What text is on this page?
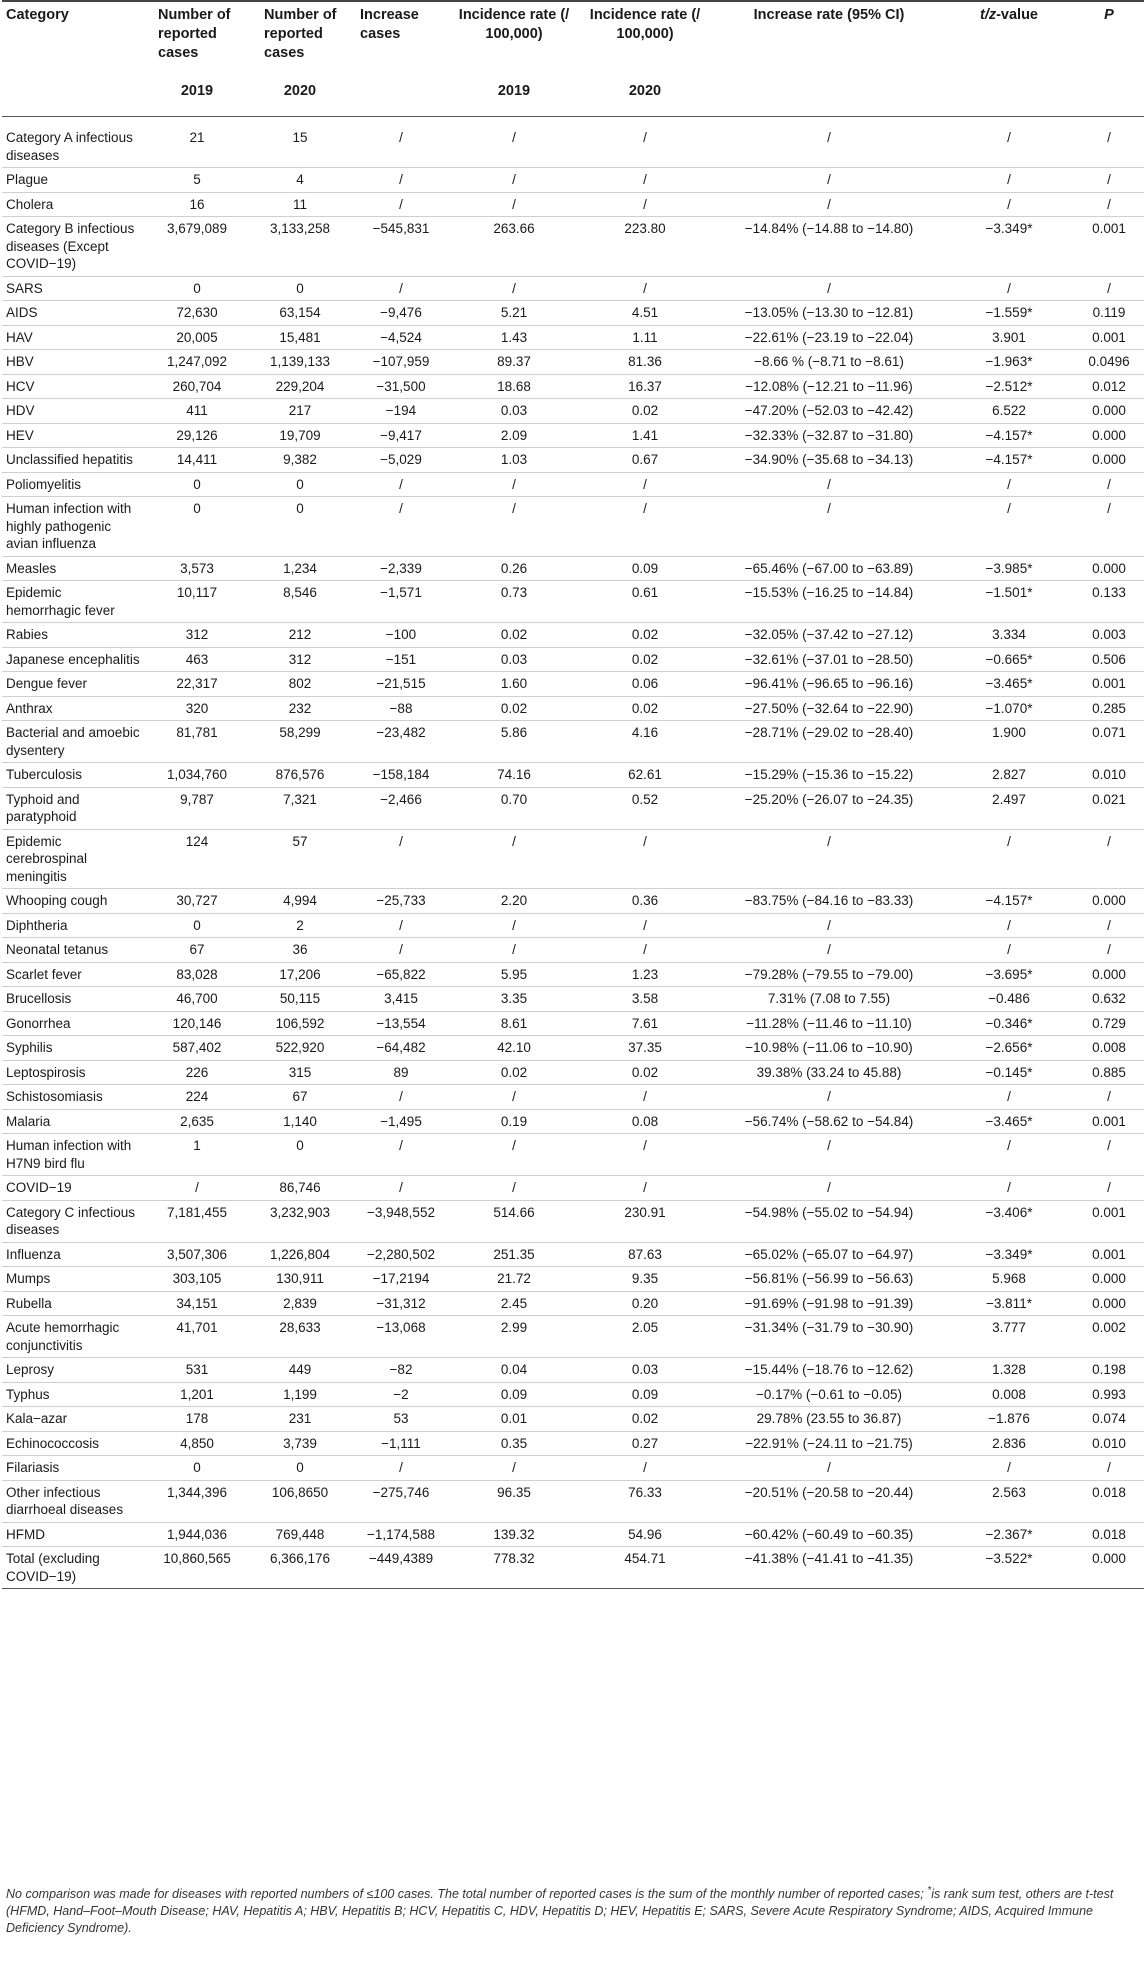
Category	Number of reported cases	Number of reported cases	Increase cases	Incidence rate (/ 100,000)	Incidence rate (/ 100,000)	Increase rate (95% CI)	t/z-value	P
	2019	2020		2019	2020			
Category A infectious diseases	21	15	/	/	/	/	/	/
Plague	5	4	/	/	/	/	/	/
Cholera	16	11	/	/	/	/	/	/
Category B infectious diseases (Except COVID−19)	3,679,089	3,133,258	−545,831	263.66	223.80	−14.84% (−14.88 to −14.80)	−3.349*	0.001
SARS	0	0	/	/	/	/	/	/
AIDS	72,630	63,154	−9,476	5.21	4.51	−13.05% (−13.30 to −12.81)	−1.559*	0.119
HAV	20,005	15,481	−4,524	1.43	1.11	−22.61% (−23.19 to −22.04)	3.901	0.001
HBV	1,247,092	1,139,133	−107,959	89.37	81.36	−8.66 % (−8.71 to −8.61)	−1.963*	0.0496
HCV	260,704	229,204	−31,500	18.68	16.37	−12.08% (−12.21 to −11.96)	−2.512*	0.012
HDV	411	217	−194	0.03	0.02	−47.20% (−52.03 to −42.42)	6.522	0.000
HEV	29,126	19,709	−9,417	2.09	1.41	−32.33% (−32.87 to −31.80)	−4.157*	0.000
Unclassified hepatitis	14,411	9,382	−5,029	1.03	0.67	−34.90% (−35.68 to −34.13)	−4.157*	0.000
Poliomyelitis	0	0	/	/	/	/	/	/
Human infection with highly pathogenic avian influenza	0	0	/	/	/	/	/	/
Measles	3,573	1,234	−2,339	0.26	0.09	−65.46% (−67.00 to −63.89)	−3.985*	0.000
Epidemic hemorrhagic fever	10,117	8,546	−1,571	0.73	0.61	−15.53% (−16.25 to −14.84)	−1.501*	0.133
Rabies	312	212	−100	0.02	0.02	−32.05% (−37.42 to −27.12)	3.334	0.003
Japanese encephalitis	463	312	−151	0.03	0.02	−32.61% (−37.01 to −28.50)	−0.665*	0.506
Dengue fever	22,317	802	−21,515	1.60	0.06	−96.41% (−96.65 to −96.16)	−3.465*	0.001
Anthrax	320	232	−88	0.02	0.02	−27.50% (−32.64 to −22.90)	−1.070*	0.285
Bacterial and amoebic dysentery	81,781	58,299	−23,482	5.86	4.16	−28.71% (−29.02 to −28.40)	1.900	0.071
Tuberculosis	1,034,760	876,576	−158,184	74.16	62.61	−15.29% (−15.36 to −15.22)	2.827	0.010
Typhoid and paratyphoid	9,787	7,321	−2,466	0.70	0.52	−25.20% (−26.07 to −24.35)	2.497	0.021
Epidemic cerebrospinal meningitis	124	57	/	/	/	/	/	/
Whooping cough	30,727	4,994	−25,733	2.20	0.36	−83.75% (−84.16 to −83.33)	−4.157*	0.000
Diphtheria	0	2	/	/	/	/	/	/
Neonatal tetanus	67	36	/	/	/	/	/	/
Scarlet fever	83,028	17,206	−65,822	5.95	1.23	−79.28% (−79.55 to −79.00)	−3.695*	0.000
Brucellosis	46,700	50,115	3,415	3.35	3.58	7.31% (7.08 to 7.55)	−0.486	0.632
Gonorrhea	120,146	106,592	−13,554	8.61	7.61	−11.28% (−11.46 to −11.10)	−0.346*	0.729
Syphilis	587,402	522,920	−64,482	42.10	37.35	−10.98% (−11.06 to −10.90)	−2.656*	0.008
Leptospirosis	226	315	89	0.02	0.02	39.38% (33.24 to 45.88)	−0.145*	0.885
Schistosomiasis	224	67	/	/	/	/	/	/
Malaria	2,635	1,140	−1,495	0.19	0.08	−56.74% (−58.62 to −54.84)	−3.465*	0.001
Human infection with H7N9 bird flu	1	0	/	/	/	/	/	/
COVID−19	/	86,746	/	/	/	/	/	/
Category C infectious diseases	7,181,455	3,232,903	−3,948,552	514.66	230.91	−54.98% (−55.02 to −54.94)	−3.406*	0.001
Influenza	3,507,306	1,226,804	−2,280,502	251.35	87.63	−65.02% (−65.07 to −64.97)	−3.349*	0.001
Mumps	303,105	130,911	−17,2194	21.72	9.35	−56.81% (−56.99 to −56.63)	5.968	0.000
Rubella	34,151	2,839	−31,312	2.45	0.20	−91.69% (−91.98 to −91.39)	−3.811*	0.000
Acute hemorrhagic conjunctivitis	41,701	28,633	−13,068	2.99	2.05	−31.34% (−31.79 to −30.90)	3.777	0.002
Leprosy	531	449	−82	0.04	0.03	−15.44% (−18.76 to −12.62)	1.328	0.198
Typhus	1,201	1,199	−2	0.09	0.09	−0.17% (−0.61 to −0.05)	0.008	0.993
Kala−azar	178	231	53	0.01	0.02	29.78% (23.55 to 36.87)	−1.876	0.074
Echinococcosis	4,850	3,739	−1,111	0.35	0.27	−22.91% (−24.11 to −21.75)	2.836	0.010
Filariasis	0	0	/	/	/	/	/	/
Other infectious diarrhoeal diseases	1,344,396	106,8650	−275,746	96.35	76.33	−20.51% (−20.58 to −20.44)	2.563	0.018
HFMD	1,944,036	769,448	−1,174,588	139.32	54.96	−60.42% (−60.49 to −60.35)	−2.367*	0.018
Total (excluding COVID−19)	10,860,565	6,366,176	−449,4389	778.32	454.71	−41.38% (−41.41 to −41.35)	−3.522*	0.000
No comparison was made for diseases with reported numbers of ≤100 cases. The total number of reported cases is the sum of the monthly number of reported cases; *is rank sum test, others are t-test (HFMD, Hand–Foot–Mouth Disease; HAV, Hepatitis A; HBV, Hepatitis B; HCV, Hepatitis C, HDV, Hepatitis D; HEV, Hepatitis E; SARS, Severe Acute Respiratory Syndrome; AIDS, Acquired Immune Deficiency Syndrome).
